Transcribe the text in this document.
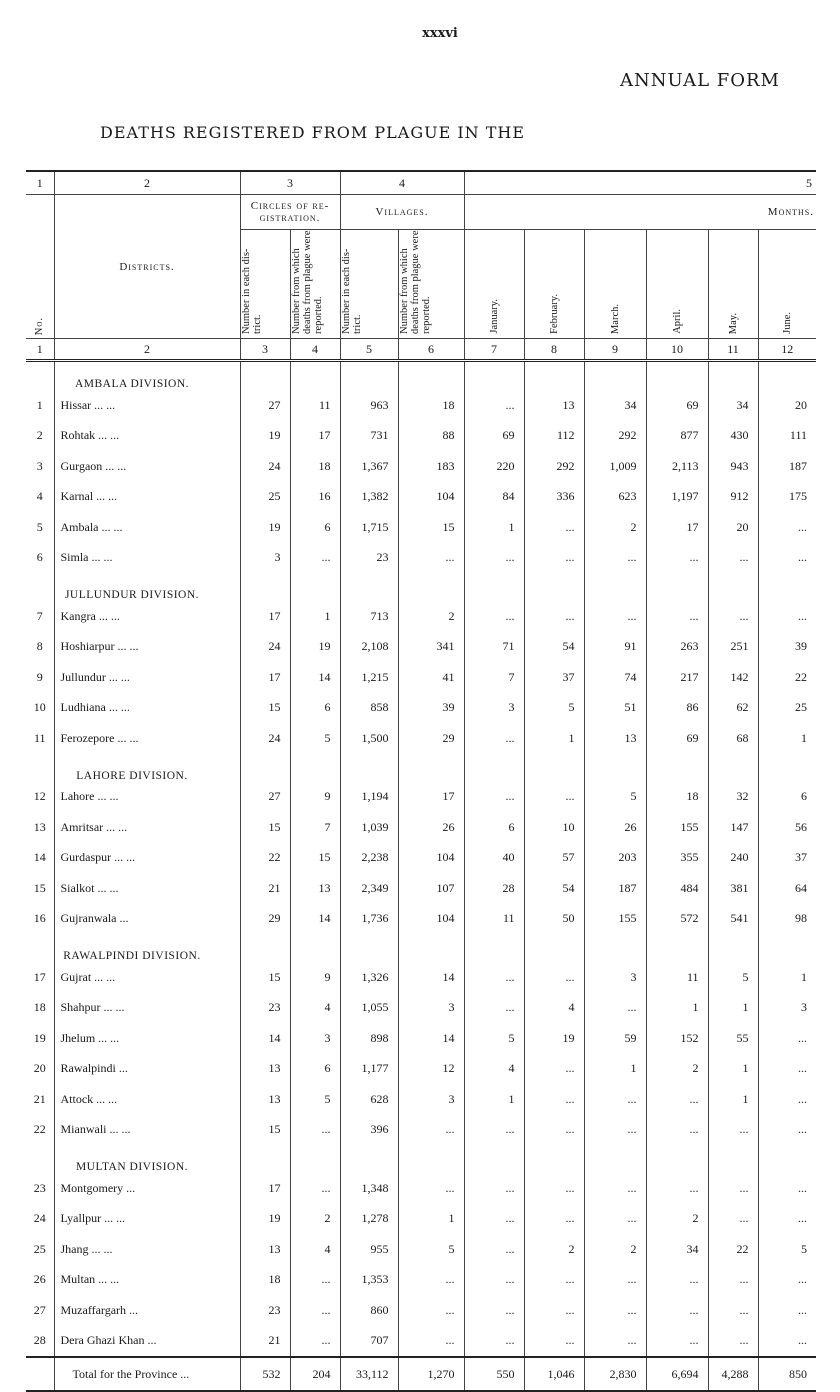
xxxvi
ANNUAL FORM
DEATHS REGISTERED FROM PLAGUE IN THE
1	2	3		4		5					
No.	Districts.	Circles of re-gistration.		Villages.		Months.					
		Number in each dis-trict.	Number from which deaths from plague were reported.	Number in each dis-trict.	Number from which deaths from plague were reported.	January.	February.	March.	April.	May.	June.
1	2	3	4	5	6	7	8	9	10	11	12
	AMBALA DIVISION.										
1	Hissar ... ...	27	11	963	18	...	13	34	69	34	20
2	Rohtak ... ...	19	17	731	88	69	112	292	877	430	111
3	Gurgaon ... ...	24	18	1,367	183	220	292	1,009	2,113	943	187
4	Karnal ... ...	25	16	1,382	104	84	336	623	1,197	912	175
5	Ambala ... ...	19	6	1,715	15	1	...	2	17	20	...
6	Simla ... ...	3	...	23	...	...	...	...	...	...	...
	JULLUNDUR DIVISION.										
7	Kangra ... ...	17	1	713	2	...	...	...	...	...	...
8	Hoshiarpur ... ...	24	19	2,108	341	71	54	91	263	251	39
9	Jullundur ... ...	17	14	1,215	41	7	37	74	217	142	22
10	Ludhiana ... ...	15	6	858	39	3	5	51	86	62	25
11	Ferozepore ... ...	24	5	1,500	29	...	1	13	69	68	1
	LAHORE DIVISION.										
12	Lahore ... ...	27	9	1,194	17	...	...	5	18	32	6
13	Amritsar ... ...	15	7	1,039	26	6	10	26	155	147	56
14	Gurdaspur ... ...	22	15	2,238	104	40	57	203	355	240	37
15	Sialkot ... ...	21	13	2,349	107	28	54	187	484	381	64
16	Gujranwala ...	29	14	1,736	104	11	50	155	572	541	98
	RAWALPINDI DIVISION.										
17	Gujrat ... ...	15	9	1,326	14	...	...	3	11	5	1
18	Shahpur ... ...	23	4	1,055	3	...	4	...	1	1	3
19	Jhelum ... ...	14	3	898	14	5	19	59	152	55	...
20	Rawalpindi ...	13	6	1,177	12	4	...	1	2	1	...
21	Attock ... ...	13	5	628	3	1	...	...	...	1	...
22	Mianwali ... ...	15	...	396	...	...	...	...	...	...	...
	MULTAN DIVISION.										
23	Montgomery ...	17	...	1,348	...	...	...	...	...	...	...
24	Lyallpur ... ...	19	2	1,278	1	...	...	...	2	...	...
25	Jhang ... ...	13	4	955	5	...	2	2	34	22	5
26	Multan ... ...	18	...	1,353	...	...	...	...	...	...	...
27	Muzaffargarh ...	23	...	860	...	...	...	...	...	...	...
28	Dera Ghazi Khan ...	21	...	707	...	...	...	...	...	...	...
	Total for the Province ...	532	204	33,112	1,270	550	1,046	2,830	6,694	4,288	850
